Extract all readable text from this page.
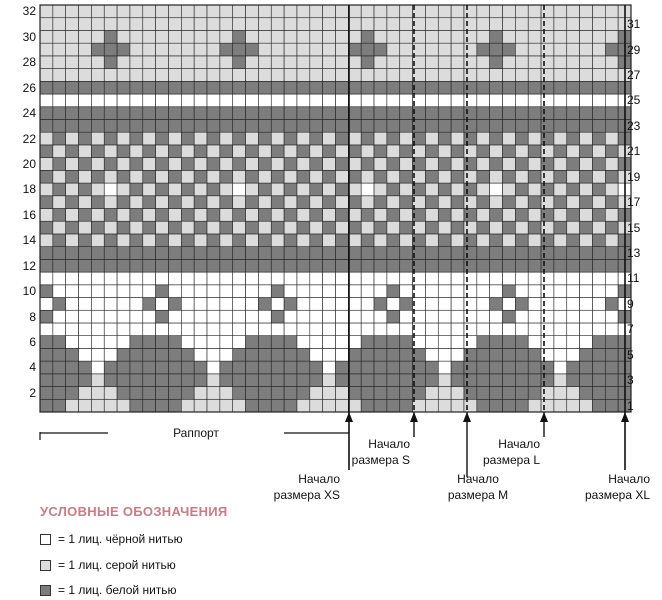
2
4
6
8
10
12
14
16
18
20
22
24
26
28
30
32
1
3
5
7
9
11
13
15
17
19
21
23
25
27
29
31
Раппорт
Начало
размера XS
Начало
размера S
Начало
размера M
Начало
размера L
Начало
размера XL
УСЛОВНЫЕ ОБОЗНАЧЕНИЯ
= 1 лиц. чёрной нитью
= 1 лиц. серой нитью
= 1 лиц. белой нитью
